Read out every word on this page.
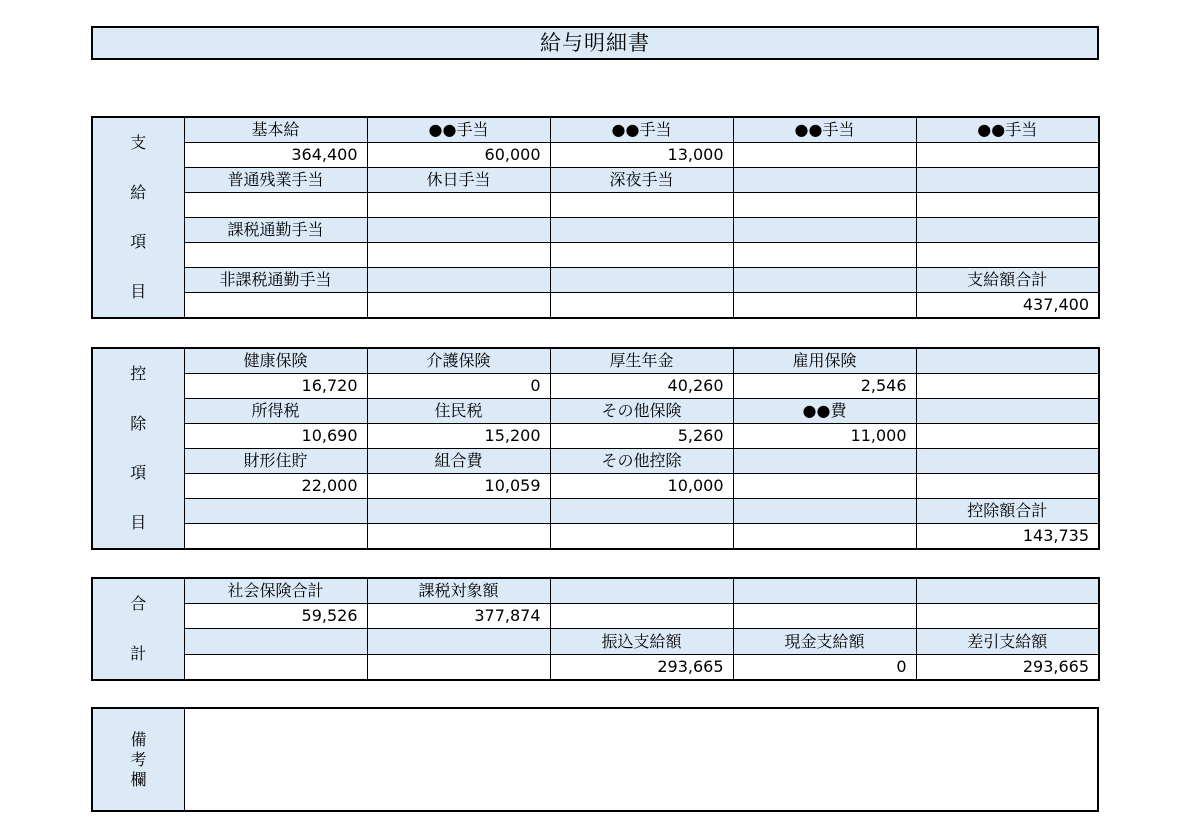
給与明細書
支
給
項
目	基本給	●●手当	●●手当	●●手当	●●手当
	364,400	60,000	13,000		
	普通残業手当	休日手当	深夜手当		

	課税通勤手当				

	非課税通勤手当				支給額合計
					437,400
控
除
項
目	健康保険	介護保険	厚生年金	雇用保険	
	16,720	0	40,260	2,546	
	所得税	住民税	その他保険	●●費	
	10,690	15,200	5,260	11,000	
	財形住貯	組合費	その他控除		
	22,000	10,059	10,000		
					控除額合計
					143,735
合
計	社会保険合計	課税対象額			
	59,526	377,874			
			振込支給額	現金支給額	差引支給額
			293,665	0	293,665
備
考
欄
